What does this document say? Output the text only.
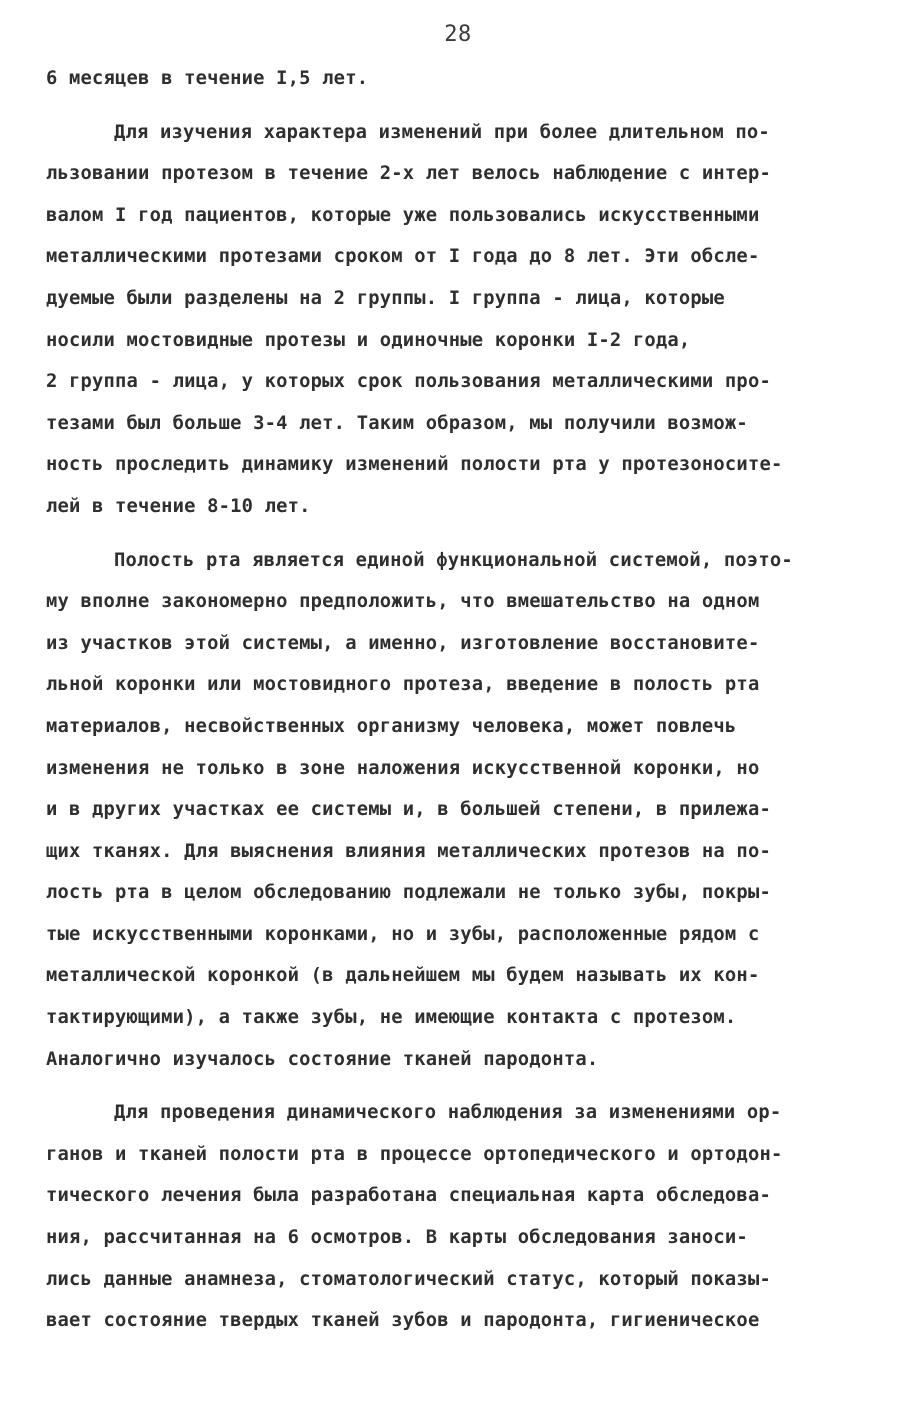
28
6 месяцев в течение I,5 лет.
Для изучения характера изменений при более длительном по-
льзовании протезом в течение 2-х лет велось наблюдение с интер-
валом I год пациентов, которые уже пользовались искусственными
металлическими протезами сроком от I года до 8 лет. Эти обсле-
дуемые были разделены на 2 группы. I группа - лица, которые
носили мостовидные протезы и одиночные коронки I-2 года,
2 группа - лица, у которых срок пользования металлическими про-
тезами был больше 3-4 лет. Таким образом, мы получили возмож-
ность проследить динамику изменений полости рта у протезоносите-
лей в течение 8-10 лет.
Полость рта является единой функциональной системой, поэто-
му вполне закономерно предположить, что вмешательство на одном
из участков этой системы, а именно, изготовление восстановите-
льной коронки или мостовидного протеза, введение в полость рта
материалов, несвойственных организму человека, может повлечь
изменения не только в зоне наложения искусственной коронки, но
и в других участках ее системы и, в большей степени, в прилежа-
щих тканях. Для выяснения влияния металлических протезов на по-
лость рта в целом обследованию подлежали не только зубы, покры-
тые искусственными коронками, но и зубы, расположенные рядом с
металлической коронкой (в дальнейшем мы будем называть их кон-
тактирующими), а также зубы, не имеющие контакта с протезом.
Аналогично изучалось состояние тканей пародонта.
Для проведения динамического наблюдения за изменениями ор-
ганов и тканей полости рта в процессе ортопедического и ортодон-
тического лечения была разработана специальная карта обследова-
ния, рассчитанная на 6 осмотров. В карты обследования заноси-
лись данные анамнеза, стоматологический статус, который показы-
вает состояние твердых тканей зубов и пародонта, гигиеническое
